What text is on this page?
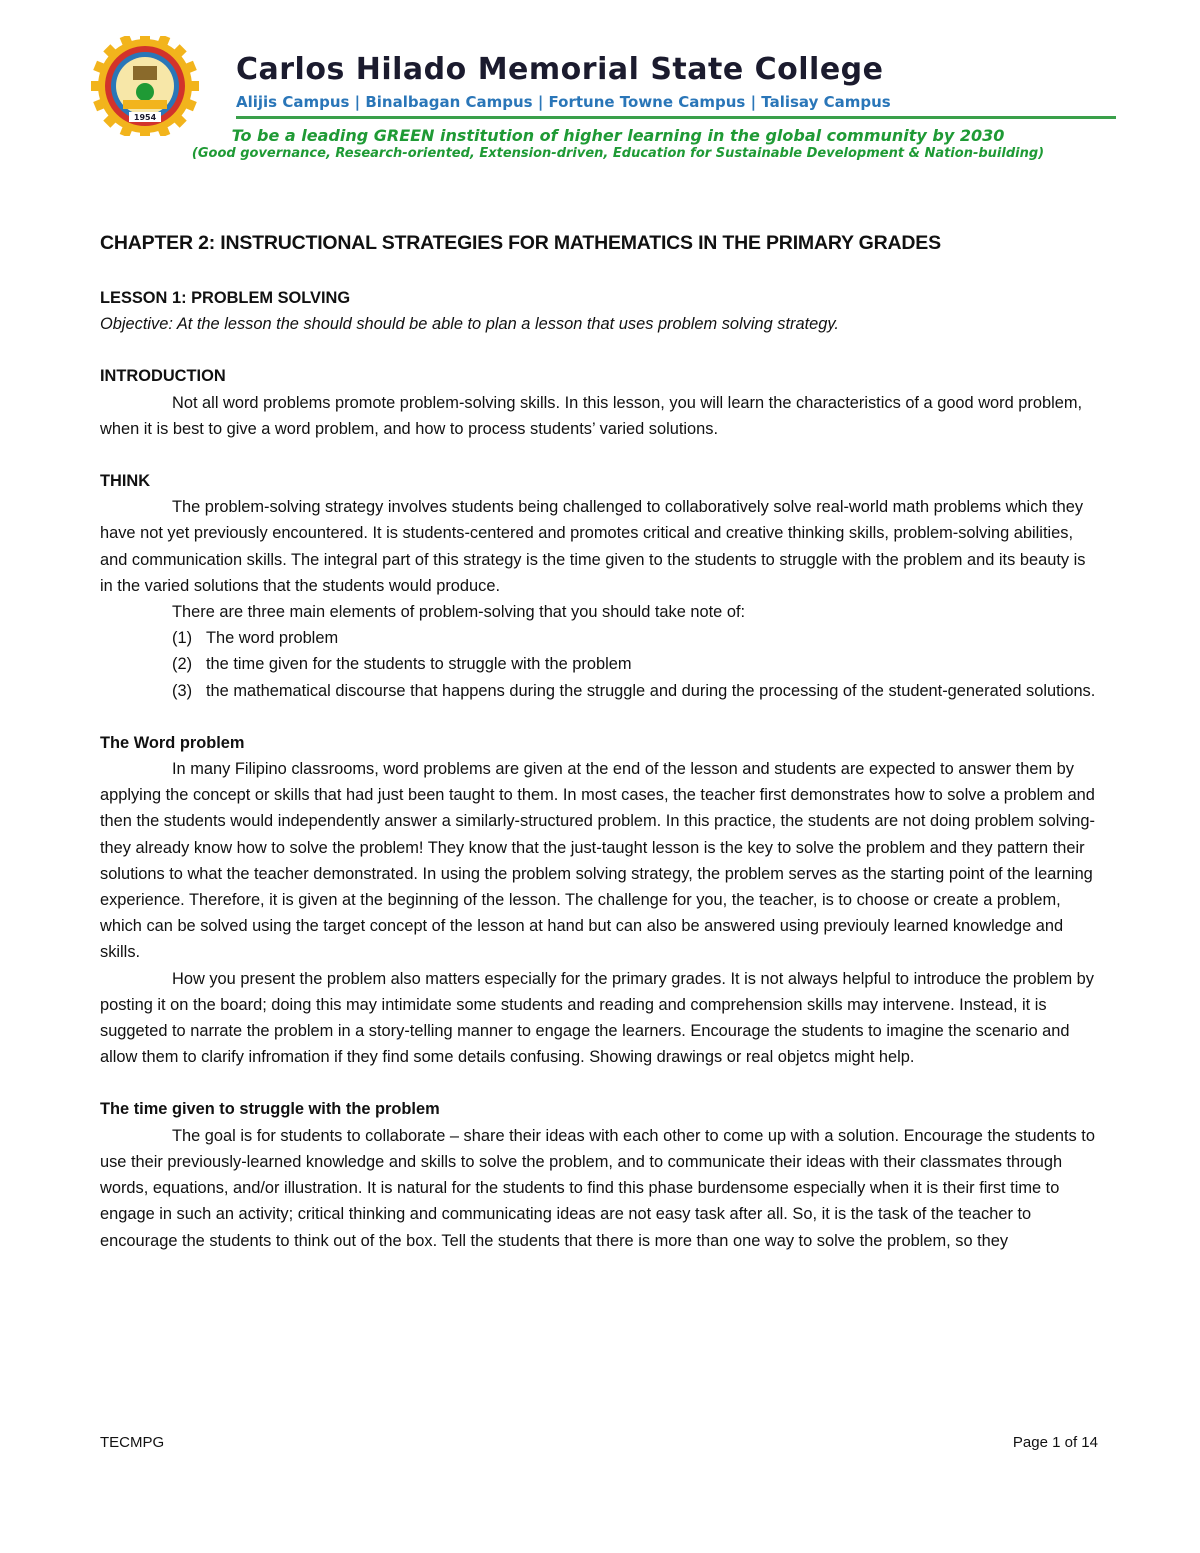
1954
Carlos Hilado Memorial State College
Alijis Campus | Binalbagan Campus | Fortune Towne Campus | Talisay Campus
To be a leading GREEN institution of higher learning in the global community by 2030
(Good governance, Research-oriented, Extension-driven, Education for Sustainable Development & Nation-building)
CHAPTER 2: INSTRUCTIONAL STRATEGIES FOR MATHEMATICS IN THE PRIMARY GRADES

LESSON 1: PROBLEM SOLVING

Objective: At the lesson the should should be able to plan a lesson that uses problem solving strategy.

INTRODUCTION

Not all word problems promote problem-solving skills. In this lesson, you will learn the characteristics of a good word problem, when it is best to give a word problem, and how to process students’ varied solutions.

THINK

The problem-solving strategy involves students being challenged to collaboratively solve real-world math problems which they have not yet previously encountered. It is students-centered and promotes critical and creative thinking skills, problem-solving abilities, and communication skills. The integral part of this strategy is the time given to the students to struggle with the problem and its beauty is in the varied solutions that the students would produce.

There are three main elements of problem-solving that you should take note of:

(1) The word problem
(2) the time given for the students to struggle with the problem
(3) the mathematical discourse that happens during the struggle and during the processing of the student-generated solutions.

The Word problem

In many Filipino classrooms, word problems are given at the end of the lesson and students are expected to answer them by applying the concept or skills that had just been taught to them. In most cases, the teacher first demonstrates how to solve a problem and then the students would independently answer a similarly-structured problem. In this practice, the students are not doing problem solving- they already know how to solve the problem! They know that the just-taught lesson is the key to solve the problem and they pattern their solutions to what the teacher demonstrated. In using the problem solving strategy, the problem serves as the starting point of the learning experience. Therefore, it is given at the beginning of the lesson. The challenge for you, the teacher, is to choose or create a problem, which can be solved using the target concept of the lesson at hand but can also be answered using previouly learned knowledge and skills.

How you present the problem also matters especially for the primary grades. It is not always helpful to introduce the problem by posting it on the board; doing this may intimidate some students and reading and comprehension skills may intervene. Instead, it is suggeted to narrate the problem in a story-telling manner to engage the learners. Encourage the students to imagine the scenario and allow them to clarify infromation if they find some details confusing. Showing drawings or real objetcs might help.

The time given to struggle with the problem

The goal is for students to collaborate – share their ideas with each other to come up with a solution. Encourage the students to use their previously-learned knowledge and skills to solve the problem, and to communicate their ideas with their classmates through words, equations, and/or illustration. It is natural for the students to find this phase burdensome especially when it is their first time to engage in such an activity; critical thinking and communicating ideas are not easy task after all. So, it is the task of the teacher to encourage the students to think out of the box. Tell the students that there is more than one way to solve the problem, so they

TECMPG	Page 1 of 14
